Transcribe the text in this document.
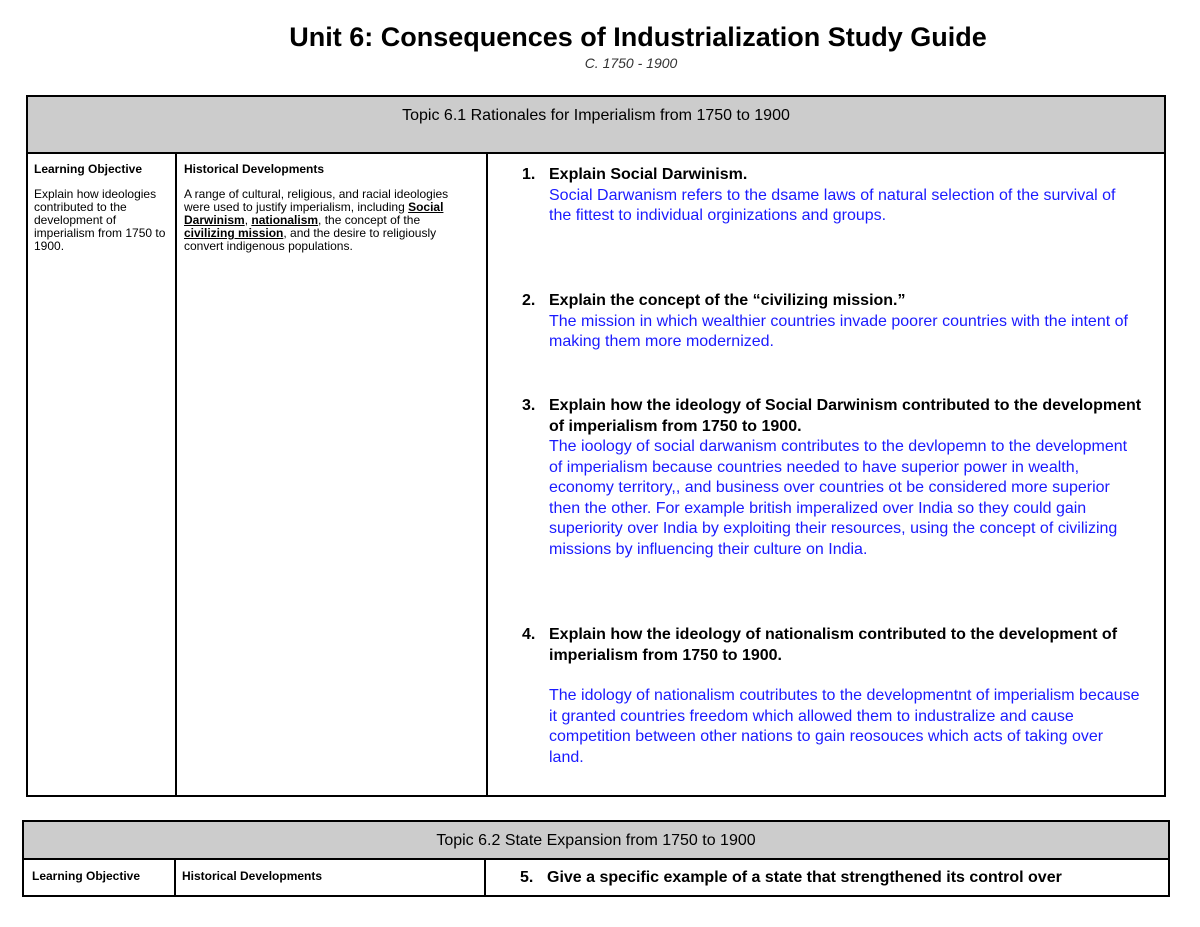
Unit 6: Consequences of Industrialization Study Guide
C. 1750 - 1900
Topic 6.1 Rationales for Imperialism from 1750 to 1900
Learning Objective
Explain how ideologies contributed to the development of imperialism from 1750 to 1900.
Historical Developments
A range of cultural, religious, and racial ideologies were used to justify imperialism, including Social Darwinism, nationalism, the concept of the civilizing mission, and the desire to religiously convert indigenous populations.
1. Explain Social Darwinism.
Social Darwanism refers to the dsame laws of natural selection of the survival of the fittest to individual orginizations and groups.
2. Explain the concept of the “civilizing mission.”
The mission in which wealthier countries invade poorer countries with the intent of making them more modernized.
3. Explain how the ideology of Social Darwinism contributed to the development of imperialism from 1750 to 1900.
The ioology of social darwanism contributes to the devlopemn to the development of imperialism because countries needed to have superior power in wealth, economy territory,, and business over countries ot be considered more superior then the other. For example british imperalized over India so they could gain superiority over India by exploiting their resources, using the concept of civilizing missions by influencing their culture on India.
4. Explain how the ideology of nationalism contributed to the development of imperialism from 1750 to 1900.
The idology of nationalism coutributes to the developmentnt of imperialism because it granted countries freedom which allowed them to industralize and cause competition between other nations to gain reosouces which acts of taking over land.
Topic 6.2 State Expansion from 1750 to 1900
Learning Objective	Historical Developments	5. Give a specific example of a state that strengthened its control over
